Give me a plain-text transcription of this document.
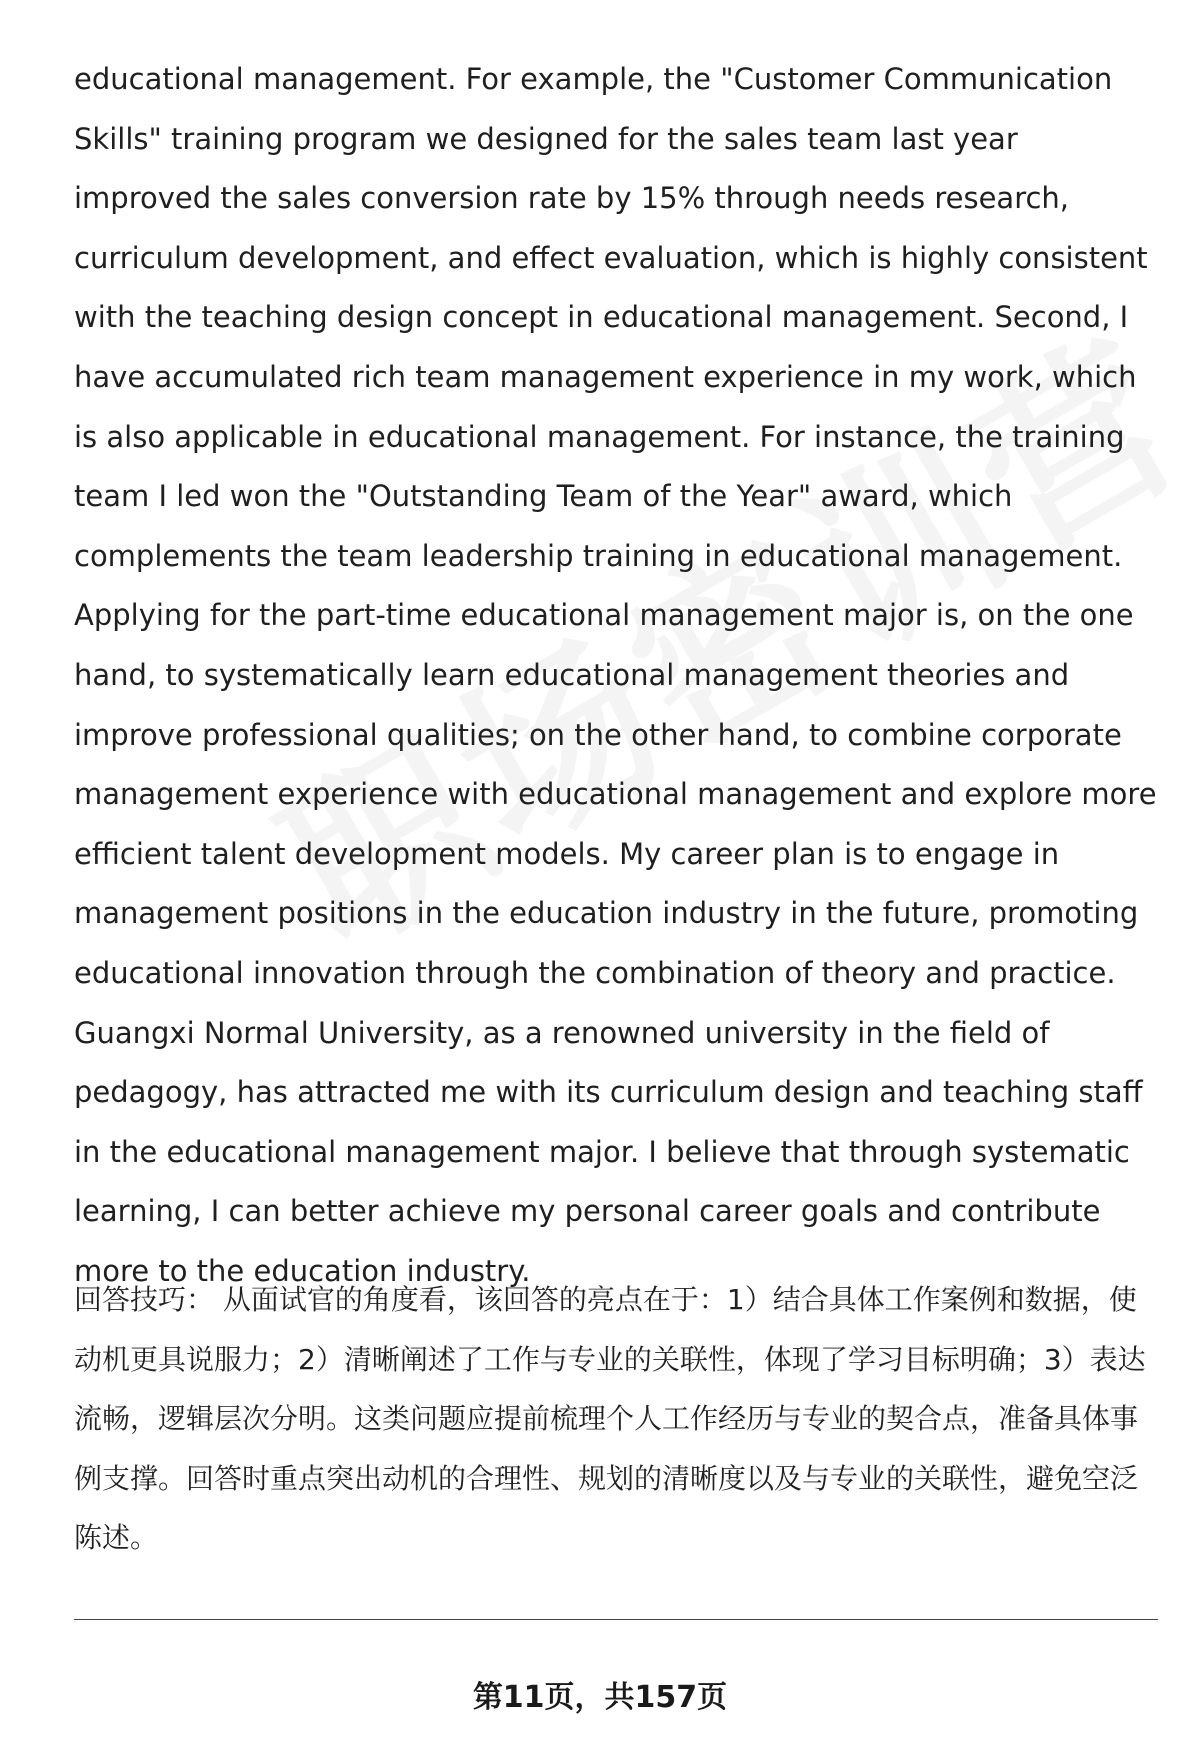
educational management. For example, the "Customer Communication Skills" training program we designed for the sales team last year improved the sales conversion rate by 15% through needs research, curriculum development, and effect evaluation, which is highly consistent with the teaching design concept in educational management. Second, I have accumulated rich team management experience in my work, which is also applicable in educational management. For instance, the training team I led won the "Outstanding Team of the Year" award, which complements the team leadership training in educational management. Applying for the part-time educational management major is, on the one hand, to systematically learn educational management theories and improve professional qualities; on the other hand, to combine corporate management experience with educational management and explore more efficient talent development models. My career plan is to engage in management positions in the education industry in the future, promoting educational innovation through the combination of theory and practice. Guangxi Normal University, as a renowned university in the field of pedagogy, has attracted me with its curriculum design and teaching staff in the educational management major. I believe that through systematic learning, I can better achieve my personal career goals and contribute more to the education industry.

回答技巧： 从面试官的角度看，该回答的亮点在于：1）结合具体工作案例和数据，使动机更具说服力；2）清晰阐述了工作与专业的关联性，体现了学习目标明确；3）表达流畅，逻辑层次分明。这类问题应提前梳理个人工作经历与专业的契合点，准备具体事例支撑。回答时重点突出动机的合理性、规划的清晰度以及与专业的关联性，避免空泛陈述。

第11页，共157页
